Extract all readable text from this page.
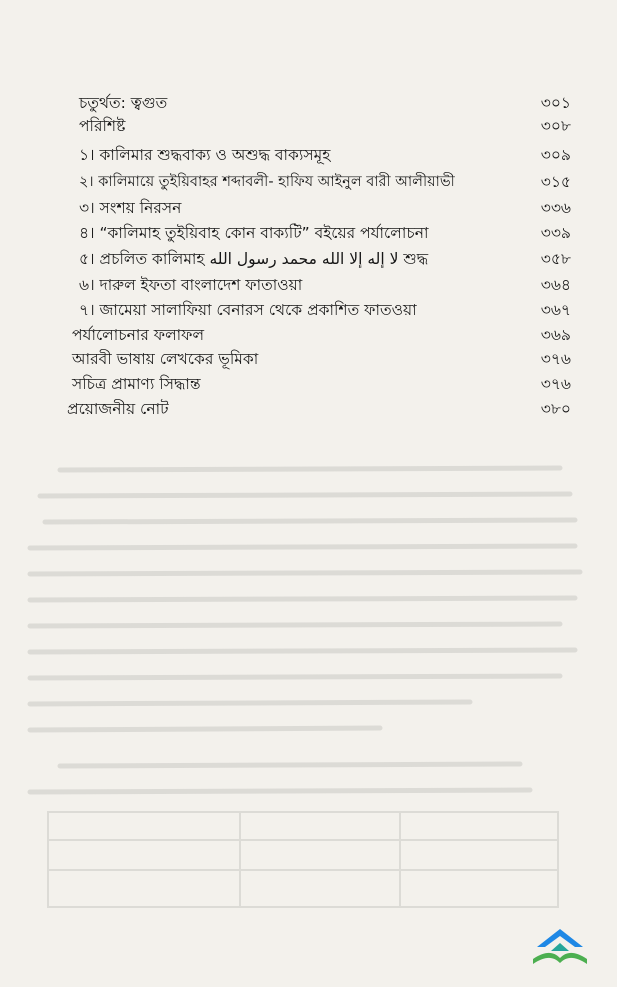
চতুর্থত: ত্বগুত	৩০১
পরিশিষ্ট	৩০৮
১। কালিমার শুদ্ধবাক্য ও অশুদ্ধ বাক্যসমূহ	৩০৯
২। কালিমায়ে তুইয়িবাহর শব্দাবলী- হাফিয আইনুল বারী আলীয়াভী	৩১৫
৩। সংশয় নিরসন	৩৩৬
৪। “কালিমাহ তুইয়িবাহ কোন বাক্যটি” বইয়ের পর্যালোচনা	৩৩৯
৫। প্রচলিত কালিমাহ لا إله إلا الله محمد رسول الله শুদ্ধ	৩৫৮
৬। দারুল ইফতা বাংলাদেশ ফাতাওয়া	৩৬৪
৭। জামেয়া সালাফিয়া বেনারস থেকে প্রকাশিত ফাতওয়া	৩৬৭
পর্যালোচনার ফলাফল	৩৬৯
আরবী ভাষায় লেখকের ভূমিকা	৩৭৬
সচিত্র প্রামাণ্য সিদ্ধান্ত	৩৭৬
প্রয়োজনীয় নোট	৩৮০
